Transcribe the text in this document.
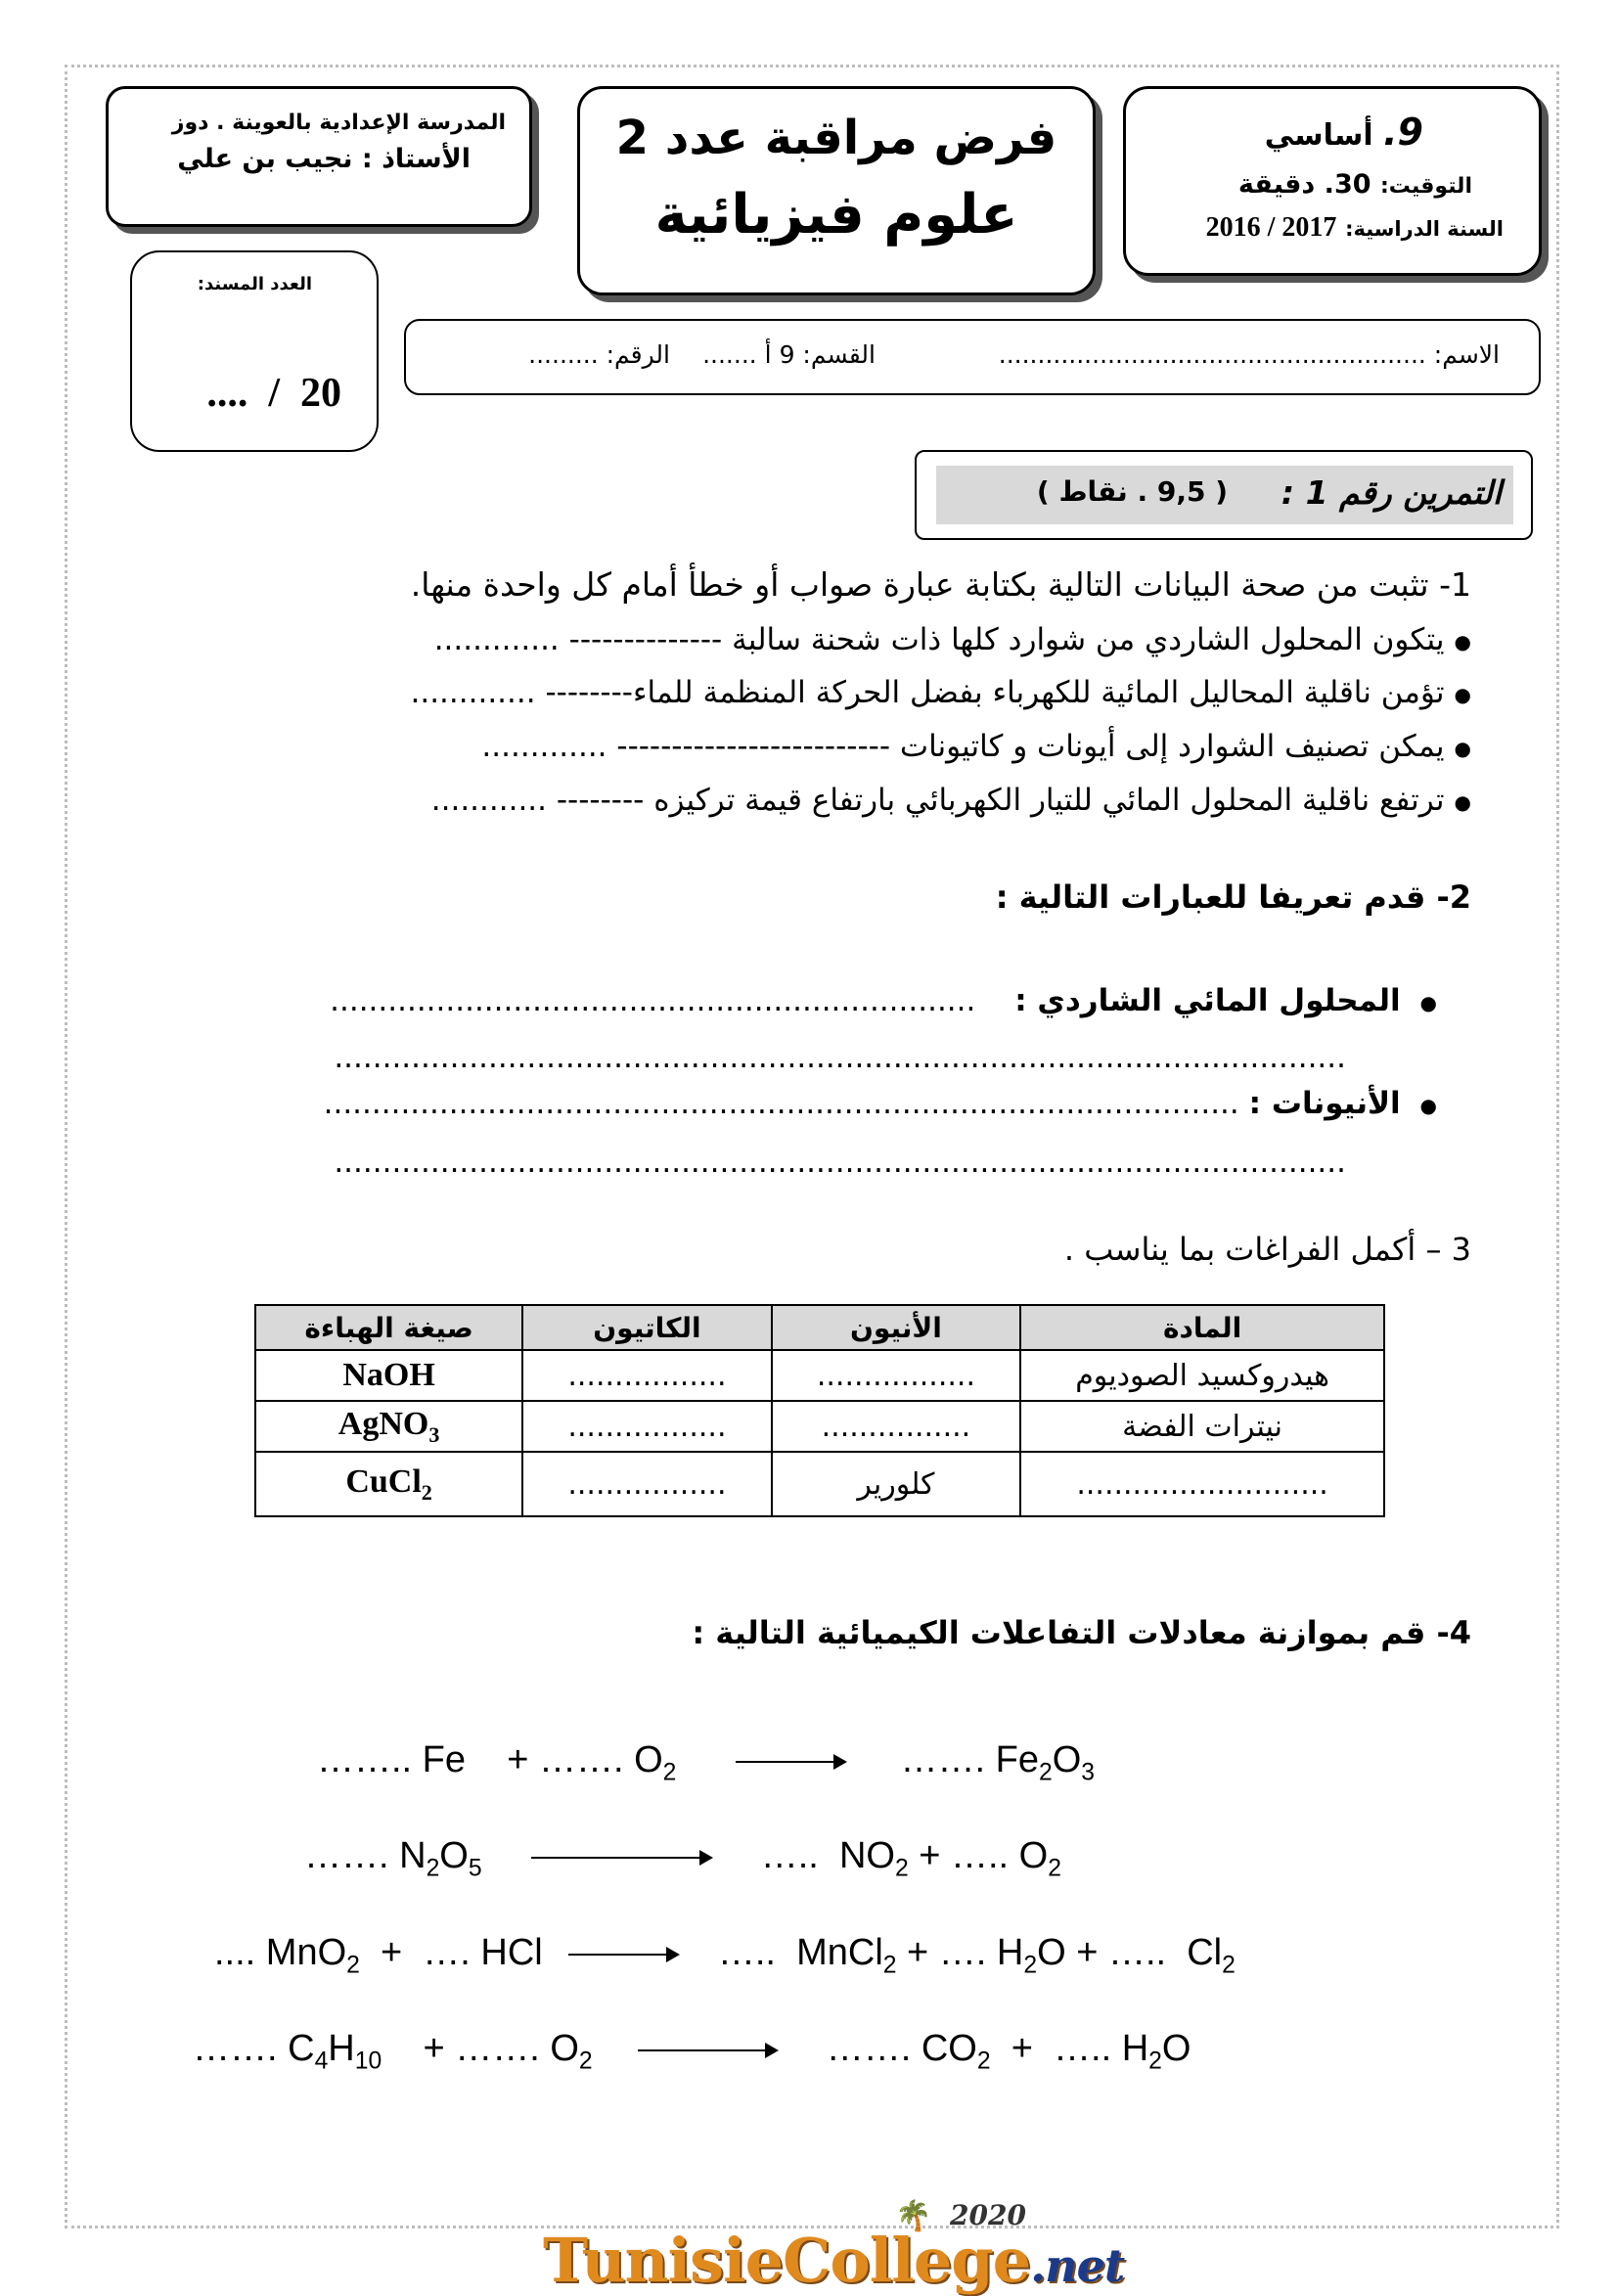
المدرسة الإعدادية بالعوينة . دوز
الأستاذ : نجيب بن علي	فرض مراقبة عدد 2
علوم فيزيائية
9. أساسي
التوقيت: 30. دقيقة
السنة الدراسية: 2017 / 2016
العدد المسند:
20  /  ....
الاسم: .......................................................
القسم: 9 أ .......
الرقم: .........
التمرين رقم 1 :
( 9,5 . نقاط )
1- تثبت من صحة البيانات التالية بكتابة عبارة صواب أو خطأ أمام كل واحدة منها.
● يتكون المحلول الشاردي من شوارد كلها ذات شحنة سالبة -------------- .............
● تؤمن ناقلية المحاليل المائية للكهرباء بفضل الحركة المنظمة للماء-------- .............
● يمكن تصنيف الشوارد إلى أيونات و كاتيونات ------------------------- .............
● ترتفع ناقلية المحلول المائي للتيار الكهربائي بارتفاع قيمة تركيزه -------- ............
2- قدم تعريفا للعبارات التالية :
● المحلول المائي الشاردي : ...................................................................
.........................................................................................................
● الأنيونات : ...............................................................................................
.........................................................................................................
3 – أكمل الفراغات بما يناسب .
المادة	الأنيون	الكاتيون	صيغة الهباءة
هيدروكسيد الصوديوم	.................	.................	NaOH
نيترات الفضة	................	.................	AgNO$_3$
...........................	كلورير	.................	CuCl$_2$
4- قم بموازنة معادلات التفاعلات الكيميائية التالية :
…….. Fe    + ……. $O_2$	……. $Fe_2O_3$
……. $N_2O_5$	…..  $NO_2$ + ….. $O_2$
.... MnO$_2$  +  …. HCl	…..  MnCl$_2$ + …. $H_2O$ + …..  $Cl_2$
……. $C_4H_{10}$    + ……. $O_2$	……. $CO_2$  +  ….. $H_2O$
🌴 2020
TunisieCollege.net
